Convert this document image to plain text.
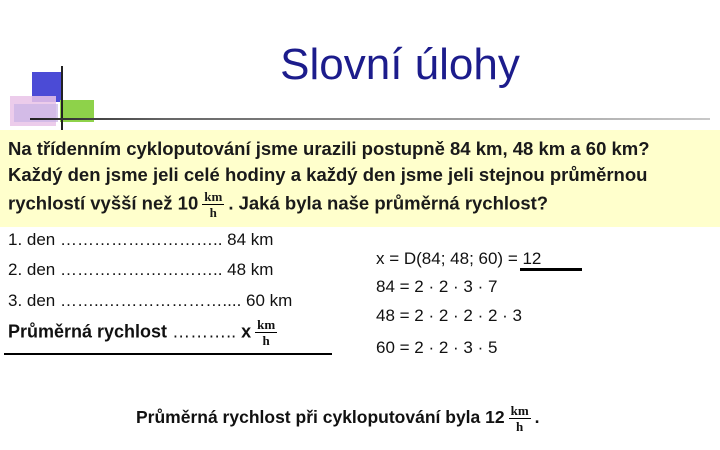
Slovní úlohy
Na třídenním cykloputování jsme urazili postupně 84 km, 48 km a 60 km?
Každý den jsme jeli celé hodiny a každý den jsme jeli stejnou průměrnou
rychlostí vyšší než $10 \frac{km}{h}$ . Jaká byla naše průměrná rychlost?
1. den ……………………….. 84 km
2. den ……………………….. 48 km
3. den ……..………………….... 60 km
Průměrná rychlost ……….. x $\frac{km}{h}$
x = D(84; 48; 60) = 12
84 = 2 · 2 · 3 · 7
48 = 2 · 2 · 2 · 2 · 3
60 = 2 · 2 · 3 · 5
Průměrná rychlost při cykloputování byla $12 \frac{km}{h}$ .
